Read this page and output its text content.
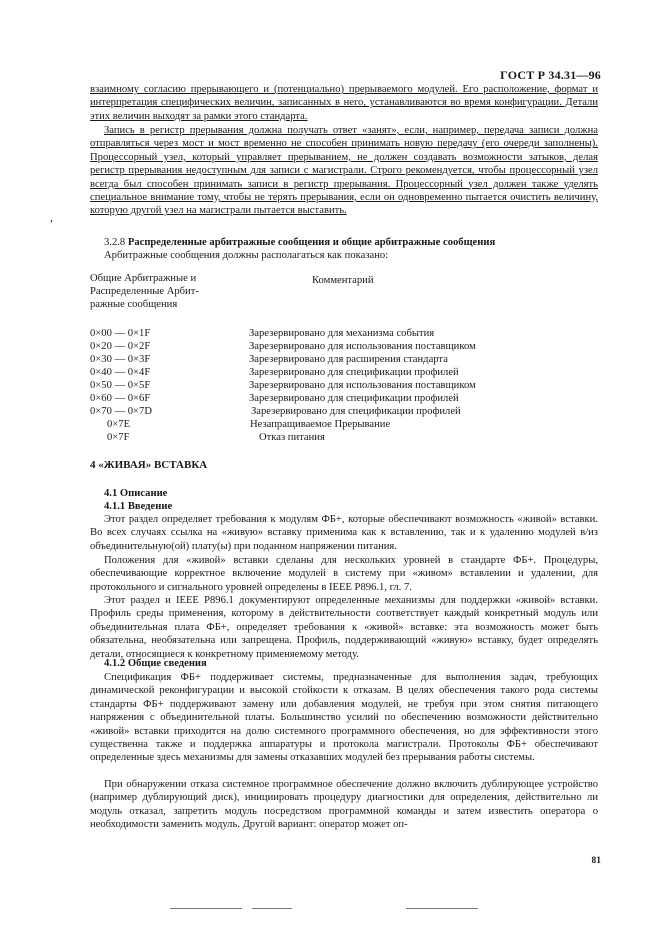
ГОСТ Р 34.31—96
взаимному согласию прерывающего и (потенциально) прерываемого модулей. Его расположение, формат и интерпретация специфических величин, записанных в него, устанавливаются во время конфигурации. Детали этих величин выходят за рамки этого стандарта.
Запись в регистр прерывания должна получать ответ «занят», если, например, передача записи должна отправляться через мост и мост временно не способен принимать новую передачу (его очереди заполнены). Процессорный узел, который управляет прерыванием, не должен создавать возможности затыков, делая регистр прерывания недоступным для записи с магистрали. Строго рекомендуется, чтобы процессорный узел всегда был способен принимать записи в регистр прерывания. Процессорный узел должен также уделять специальное внимание тому, чтобы не терять прерывания, если он одновременно пытается очистить величину, которую другой узел на магистрали пытается выставить.
,
3.2.8 Распределенные арбитражные сообщения и общие арбитражные сообщения
Арбитражные сообщения должны располагаться как показано:
Общие Арбитражные и
Распределенные Арбит-
ражные сообщения
Комментарий
0×00 — 0×1F	Зарезервировано для механизма события
0×20 — 0×2F	Зарезервировано для использования поставщиком
0×30 — 0×3F	Зарезервировано для расширения стандарта
0×40 — 0×4F	Зарезервировано для спецификации профилей
0×50 — 0×5F	Зарезервировано для использования поставщиком
0×60 — 0×6F	Зарезервировано для спецификации профилей
0×70 — 0×7D	Зарезервировано для спецификации профилей
0×7E	Незапращиваемое Прерывание
0×7F	Отказ питания
4 «ЖИВАЯ» ВСТАВКА
4.1 Описание
4.1.1 Введение
Этот раздел определяет требования к модулям ФБ+, которые обеспечивают возможность «живой» вставки. Во всех случаях ссылка на «живую» вставку применима как к вставлению, так и к удалению модулей в/из объединительную(ой) плату(ы) при поданном напряжении питания.
Положения для «живой» вставки сделаны для нескольких уровней в стандарте ФБ+. Процедуры, обеспечивающие корректное включение модулей в систему при «живом» вставлении и удалении, для протокольного и сигнального уровней определены в IEEE P896.1, гл. 7.
Этот раздел и IEEE P896.1 документируют определенные механизмы для поддержки «живой» вставки. Профиль среды применения, которому в действительности соответствует каждый конкретный модуль или объединительная плата ФБ+, определяет требования к «живой» вставке: эта возможность может быть обязательна, необязательна или запрещена. Профиль, поддерживающий «живую» вставку, будет определять детали, относящиеся к конкретному применяемому методу.
4.1.2 Общие сведения
Спецификация ФБ+ поддерживает системы, предназначенные для выполнения задач, требующих динамической реконфигурации и высокой стойкости к отказам. В целях обеспечения такого рода системы стандарты ФБ+ поддерживают замену или добавления модулей, не требуя при этом снятия питающего напряжения с объединительной платы. Большинство усилий по обеспечению возможности действительно «живой» вставки приходится на долю системного программного обеспечения, но для эффективности этого существенна также и поддержка аппаратуры и протокола магистрали. Протоколы ФБ+ обеспечивают определенные здесь механизмы для замены отказавших модулей без прерывания работы системы.
При обнаружении отказа системное программное обеспечение должно включить дублирующее устройство (например дублирующий диск), инициировать процедуру диагностики для определения, действительно ли модуль отказал, запретить модуль посредством программной команды и затем известить оператора о необходимости заменить модуль. Другой вариант: оператор может оп-
81
